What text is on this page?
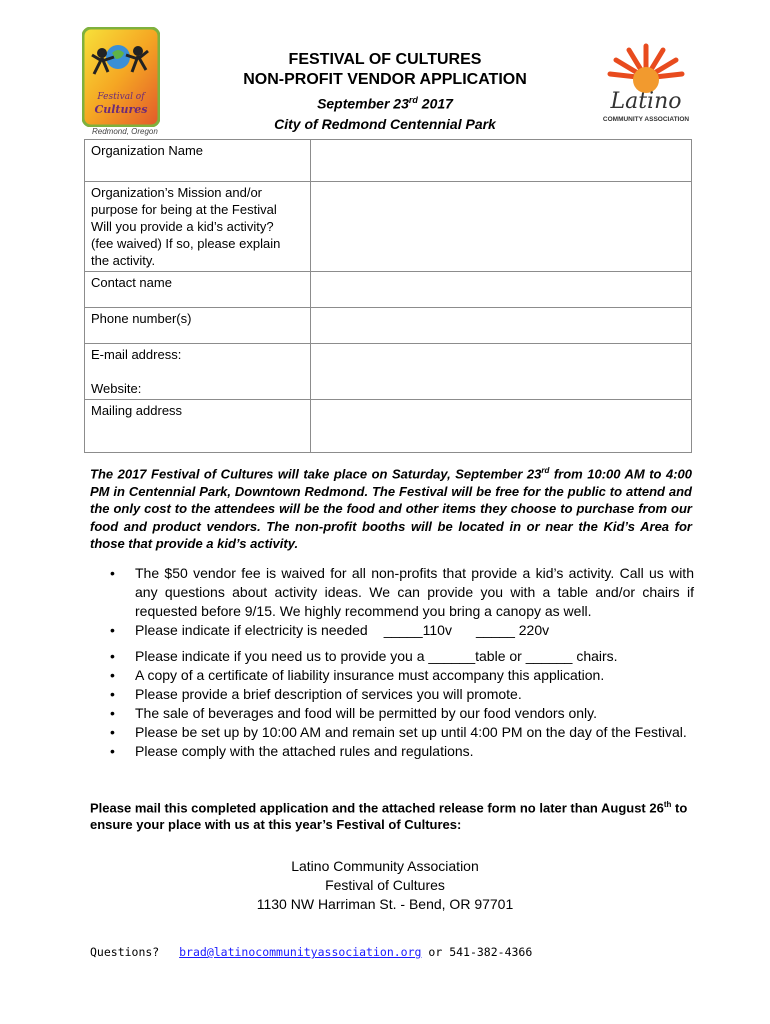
Festival of
Cultures
Redmond, Oregon
Latino
COMMUNITY ASSOCIATION
FESTIVAL OF CULTURES
NON-PROFIT VENDOR APPLICATION
September 23rd 2017
City of Redmond Centennial Park
Organization Name	

Organization’s Mission and/or
purpose for being at the Festival
Will you provide a kid’s activity?
(fee waived) If so, please explain
the activity.	

Contact name	

Phone number(s)	

E-mail address:
Website:	

Mailing address	

The 2017 Festival of Cultures will take place on Saturday, September 23rd from 10:00 AM to 4:00 PM in Centennial Park, Downtown Redmond. The Festival will be free for the public to attend and the only cost to the attendees will be the food and other items they choose to purchase from our food and product vendors. The non-profit booths will be located in or near the Kid’s Area for those that provide a kid’s activity.
• The $50 vendor fee is waived for all non-profits that provide a kid’s activity. Call us with any questions about activity ideas. We can provide you with a table and/or chairs if requested before 9/15. We highly recommend you bring a canopy as well.
• Please indicate if electricity is needed _____110v _____ 220v
• Please indicate if you need us to provide you a ______table or ______ chairs.
• A copy of a certificate of liability insurance must accompany this application.
• Please provide a brief description of services you will promote.
• The sale of beverages and food will be permitted by our food vendors only.
• Please be set up by 10:00 AM and remain set up until 4:00 PM on the day of the Festival.
• Please comply with the attached rules and regulations.
Please mail this completed application and the attached release form no later than August 26th to ensure your place with us at this year’s Festival of Cultures:
Latino Community Association
Festival of Cultures
1130 NW Harriman St. - Bend, OR 97701
Questions? brad@latinocommunityassociation.org or 541-382-4366
